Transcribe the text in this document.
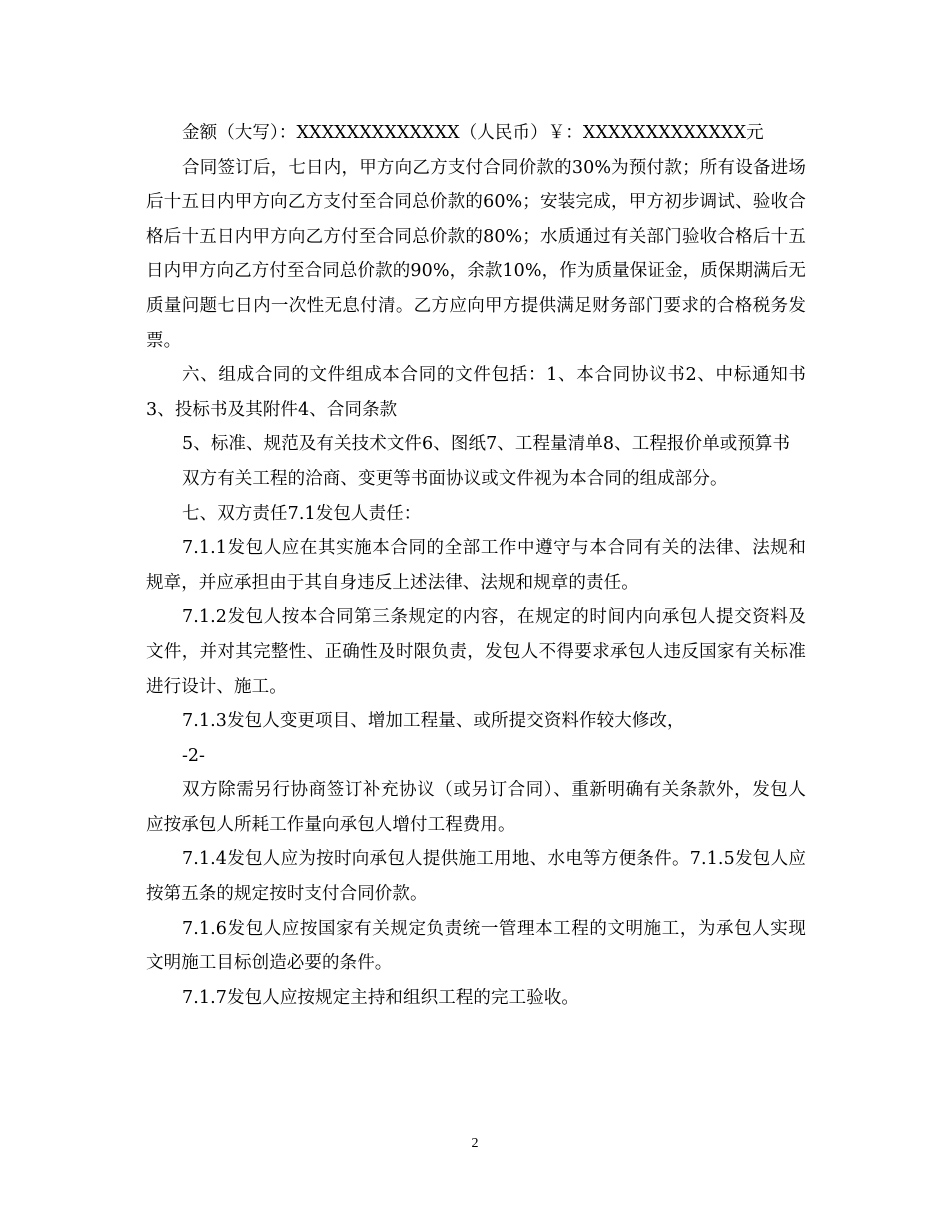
金额（大写）：XXXXXXXXXXXXX（人民币）￥：XXXXXXXXXXXXX元

合同签订后，七日内，甲方向乙方支付合同价款的30%为预付款；所有设备进场后十五日内甲方向乙方支付至合同总价款的60%；安装完成，甲方初步调试、验收合格后十五日内甲方向乙方付至合同总价款的80%；水质通过有关部门验收合格后十五日内甲方向乙方付至合同总价款的90%，余款10%，作为质量保证金，质保期满后无质量问题七日内一次性无息付清。乙方应向甲方提供满足财务部门要求的合格税务发票。

六、组成合同的文件组成本合同的文件包括：1、本合同协议书2、中标通知书3、投标书及其附件4、合同条款

5、标准、规范及有关技术文件6、图纸7、工程量清单8、工程报价单或预算书

双方有关工程的洽商、变更等书面协议或文件视为本合同的组成部分。

七、双方责任7.1发包人责任：

7.1.1发包人应在其实施本合同的全部工作中遵守与本合同有关的法律、法规和规章，并应承担由于其自身违反上述法律、法规和规章的责任。

7.1.2发包人按本合同第三条规定的内容，在规定的时间内向承包人提交资料及文件，并对其完整性、正确性及时限负责，发包人不得要求承包人违反国家有关标准进行设计、施工。

7.1.3发包人变更项目、增加工程量、或所提交资料作较大修改，

-2-

双方除需另行协商签订补充协议（或另订合同）、重新明确有关条款外，发包人应按承包人所耗工作量向承包人增付工程费用。

7.1.4发包人应为按时向承包人提供施工用地、水电等方便条件。7.1.5发包人应按第五条的规定按时支付合同价款。

7.1.6发包人应按国家有关规定负责统一管理本工程的文明施工，为承包人实现文明施工目标创造必要的条件。

7.1.7发包人应按规定主持和组织工程的完工验收。

2
